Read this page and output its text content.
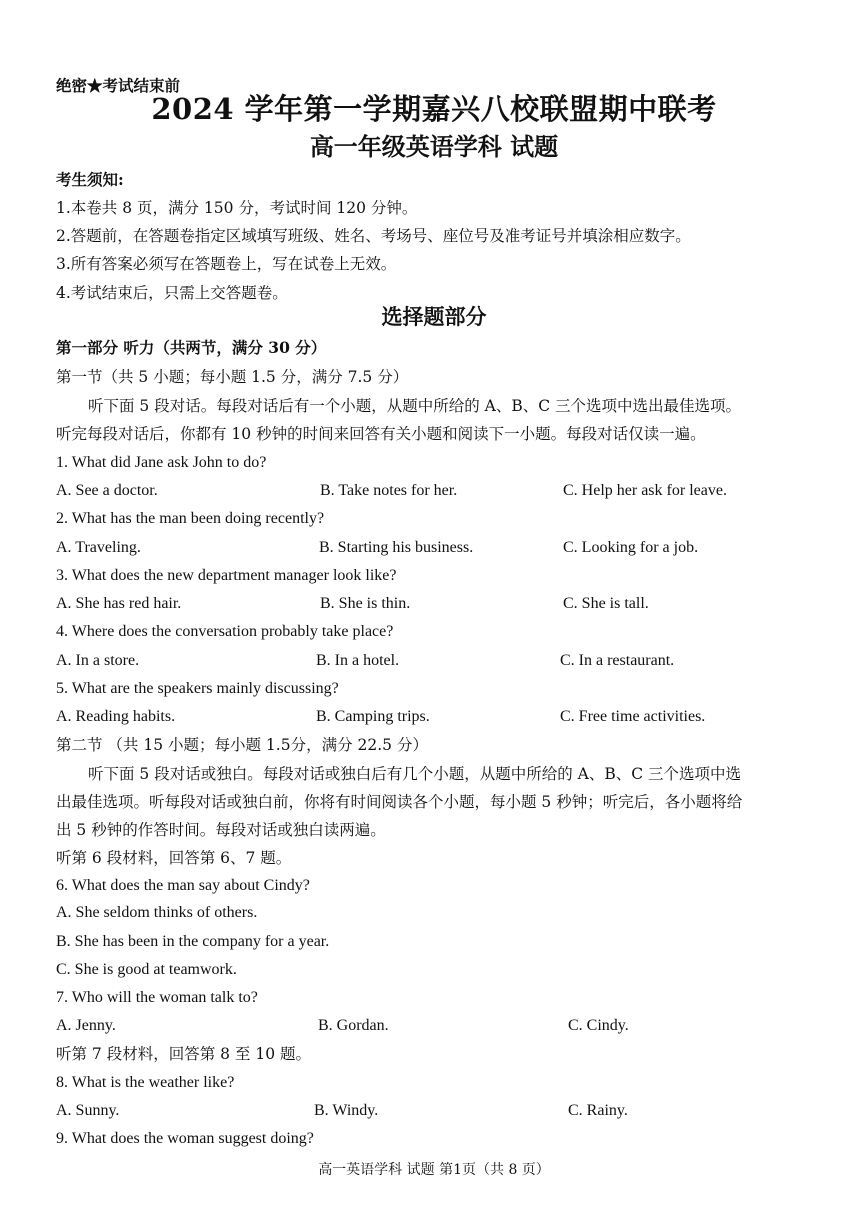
绝密★考试结束前
2024 学年第一学期嘉兴八校联盟期中联考
高一年级英语学科 试题
考生须知:
1.本卷共 8 页，满分 150 分，考试时间 120 分钟。
2.答题前，在答题卷指定区域填写班级、姓名、考场号、座位号及准考证号并填涂相应数字。
3.所有答案必须写在答题卷上，写在试卷上无效。
4.考试结束后，只需上交答题卷。
选择题部分
第一部分 听力（共两节，满分 30 分）
第一节（共 5 小题；每小题 1.5 分，满分 7.5 分）
听下面 5 段对话。每段对话后有一个小题，从题中所给的 A、B、C 三个选项中选出最佳选项。
听完每段对话后，你都有 10 秒钟的时间来回答有关小题和阅读下一小题。每段对话仅读一遍。
1. What did Jane ask John to do?
A. See a doctor.	B. Take notes for her.	C. Help her ask for leave.
2. What has the man been doing recently?
A. Traveling.	B. Starting his business.	C. Looking for a job.
3. What does the new department manager look like?
A. She has red hair.	B. She is thin.	C. She is tall.
4. Where does the conversation probably take place?
A. In a store.	B. In a hotel.	C. In a restaurant.
5. What are the speakers mainly discussing?
A. Reading habits.	B. Camping trips.	C. Free time activities.
第二节 （共 15 小题；每小题 1.5分，满分 22.5 分）
听下面 5 段对话或独白。每段对话或独白后有几个小题，从题中所给的 A、B、C 三个选项中选
出最佳选项。听每段对话或独白前，你将有时间阅读各个小题，每小题 5 秒钟；听完后，各小题将给
出 5 秒钟的作答时间。每段对话或独白读两遍。
听第 6 段材料，回答第 6、7 题。
6. What does the man say about Cindy?
A. She seldom thinks of others.
B. She has been in the company for a year.
C. She is good at teamwork.
7. Who will the woman talk to?
A. Jenny.	B. Gordan.	C. Cindy.
听第 7 段材料，回答第 8 至 10 题。
8. What is the weather like?
A. Sunny.	B. Windy.	C. Rainy.
9. What does the woman suggest doing?
高一英语学科 试题 第1页（共 8 页）
